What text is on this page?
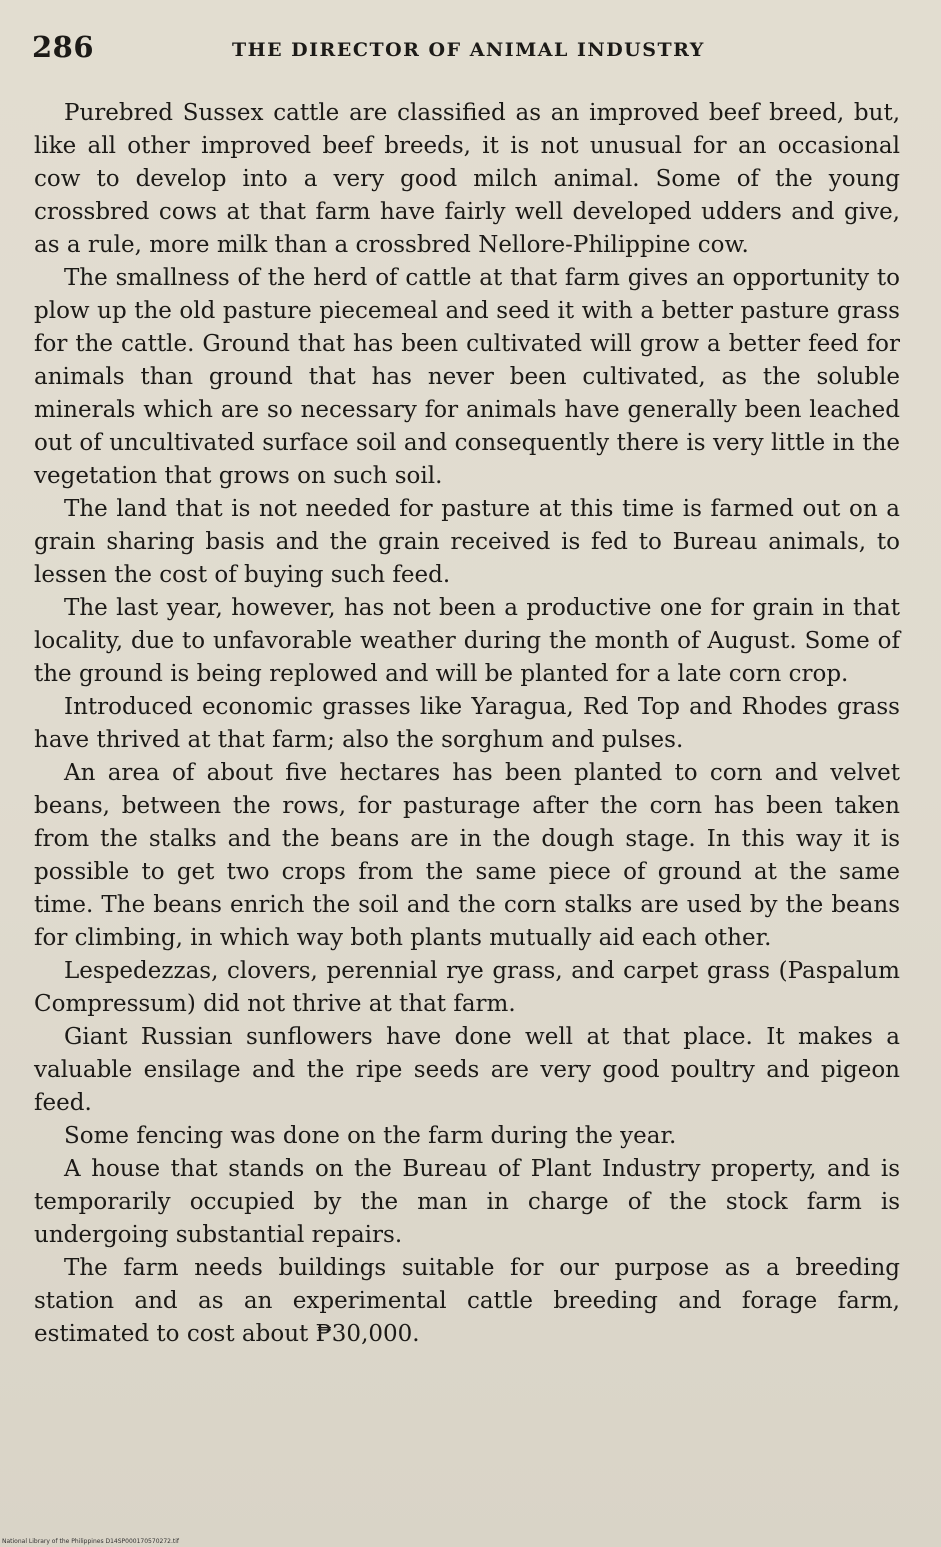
286	THE DIRECTOR OF ANIMAL INDUSTRY

Purebred Sussex cattle are classified as an improved beef breed, but, like all other improved beef breeds, it is not unusual for an occasional cow to develop into a very good milch animal. Some of the young crossbred cows at that farm have fairly well developed udders and give, as a rule, more milk than a crossbred Nellore-Philippine cow.

The smallness of the herd of cattle at that farm gives an opportunity to plow up the old pasture piecemeal and seed it with a better pasture grass for the cattle. Ground that has been cultivated will grow a better feed for animals than ground that has never been cultivated, as the soluble minerals which are so necessary for animals have generally been leached out of uncultivated surface soil and consequently there is very little in the vegetation that grows on such soil.

The land that is not needed for pasture at this time is farmed out on a grain sharing basis and the grain received is fed to Bureau animals, to lessen the cost of buying such feed.

The last year, however, has not been a productive one for grain in that locality, due to unfavorable weather during the month of August. Some of the ground is being replowed and will be planted for a late corn crop.

Introduced economic grasses like Yaragua, Red Top and Rhodes grass have thrived at that farm; also the sorghum and pulses.

An area of about five hectares has been planted to corn and velvet beans, between the rows, for pasturage after the corn has been taken from the stalks and the beans are in the dough stage. In this way it is possible to get two crops from the same piece of ground at the same time. The beans enrich the soil and the corn stalks are used by the beans for climbing, in which way both plants mutually aid each other.

Lespedezzas, clovers, perennial rye grass, and carpet grass (Paspalum Compressum) did not thrive at that farm.

Giant Russian sunflowers have done well at that place. It makes a valuable ensilage and the ripe seeds are very good poultry and pigeon feed.

Some fencing was done on the farm during the year.

A house that stands on the Bureau of Plant Industry property, and is temporarily occupied by the man in charge of the stock farm is undergoing substantial repairs.

The farm needs buildings suitable for our purpose as a breeding station and as an experimental cattle breeding and forage farm, estimated to cost about ₱30,000.

National Library of the Philippines D14SP000170570272.tif
